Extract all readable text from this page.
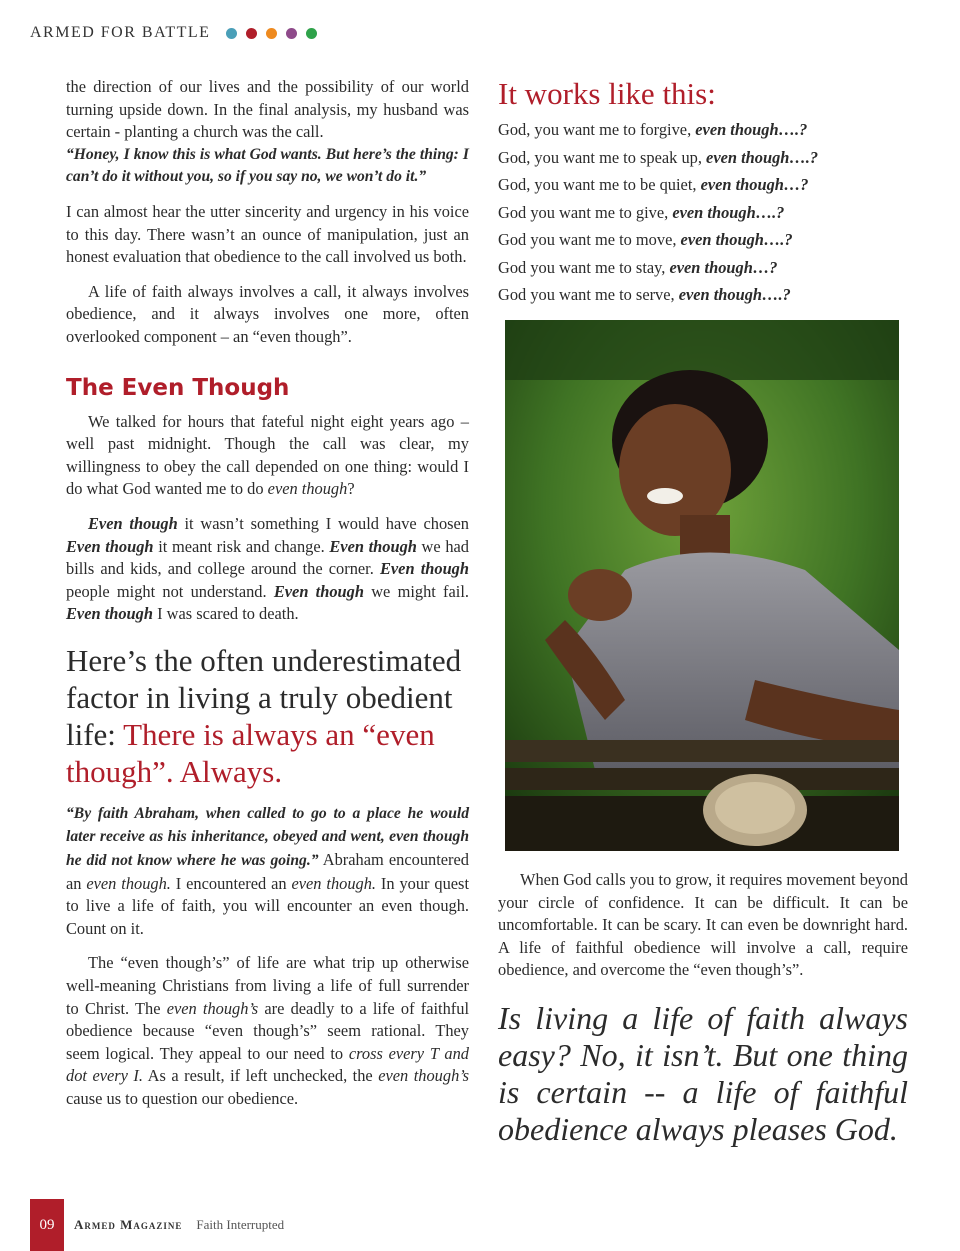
ARMED FOR BATTLE

the direction of our lives and the possibility of our world turning upside down. In the final analysis, my husband was certain - planting a church was the call.

“Honey, I know this is what God wants. But here’s the thing: I can’t do it without you, so if you say no, we won’t do it.”

I can almost hear the utter sincerity and urgency in his voice to this day. There wasn’t an ounce of manipulation, just an honest evaluation that obedience to the call involved us both.

A life of faith always involves a call, it always involves obedience, and it always involves one more, often overlooked component – an “even though”.

The Even Though

We talked for hours that fateful night eight years ago – well past midnight. Though the call was clear, my willingness to obey the call depended on one thing: would I do what God wanted me to do even though?

Even though it wasn’t something I would have chosen Even though it meant risk and change. Even though we had bills and kids, and college around the corner. Even though people might not understand. Even though we might fail. Even though I was scared to death.

Here’s the often underestimated factor in living a truly obedient life: There is always an “even though”. Always.

“By faith Abraham, when called to go to a place he would later receive as his inheritance, obeyed and went, even though he did not know where he was going.” Abraham encountered an even though. I encountered an even though. In your quest to live a life of faith, you will encounter an even though. Count on it.

The “even though’s” of life are what trip up otherwise well-meaning Christians from living a life of full surrender to Christ. The even though’s are deadly to a life of faithful obedience because “even though’s” seem rational. They seem logical. They appeal to our need to cross every T and dot every I. As a result, if left unchecked, the even though’s cause us to question our obedience.

It works like this:

God, you want me to forgive, even though….?

God, you want me to speak up, even though….?

God, you want me to be quiet, even though…?

God you want me to give, even though….?

God you want me to move, even though….?

God you want me to stay, even though…?

God you want me to serve, even though….?

When God calls you to grow, it requires movement beyond your circle of confidence. It can be difficult. It can be uncomfortable. It can be scary. It can even be downright hard. A life of faithful obedience will involve a call, require obedience, and overcome the “even though’s”.

Is living a life of faith always easy? No, it isn’t. But one thing is certain -- a life of faithful obedience always pleases God.
09	Armed Magazine Faith Interrupted
